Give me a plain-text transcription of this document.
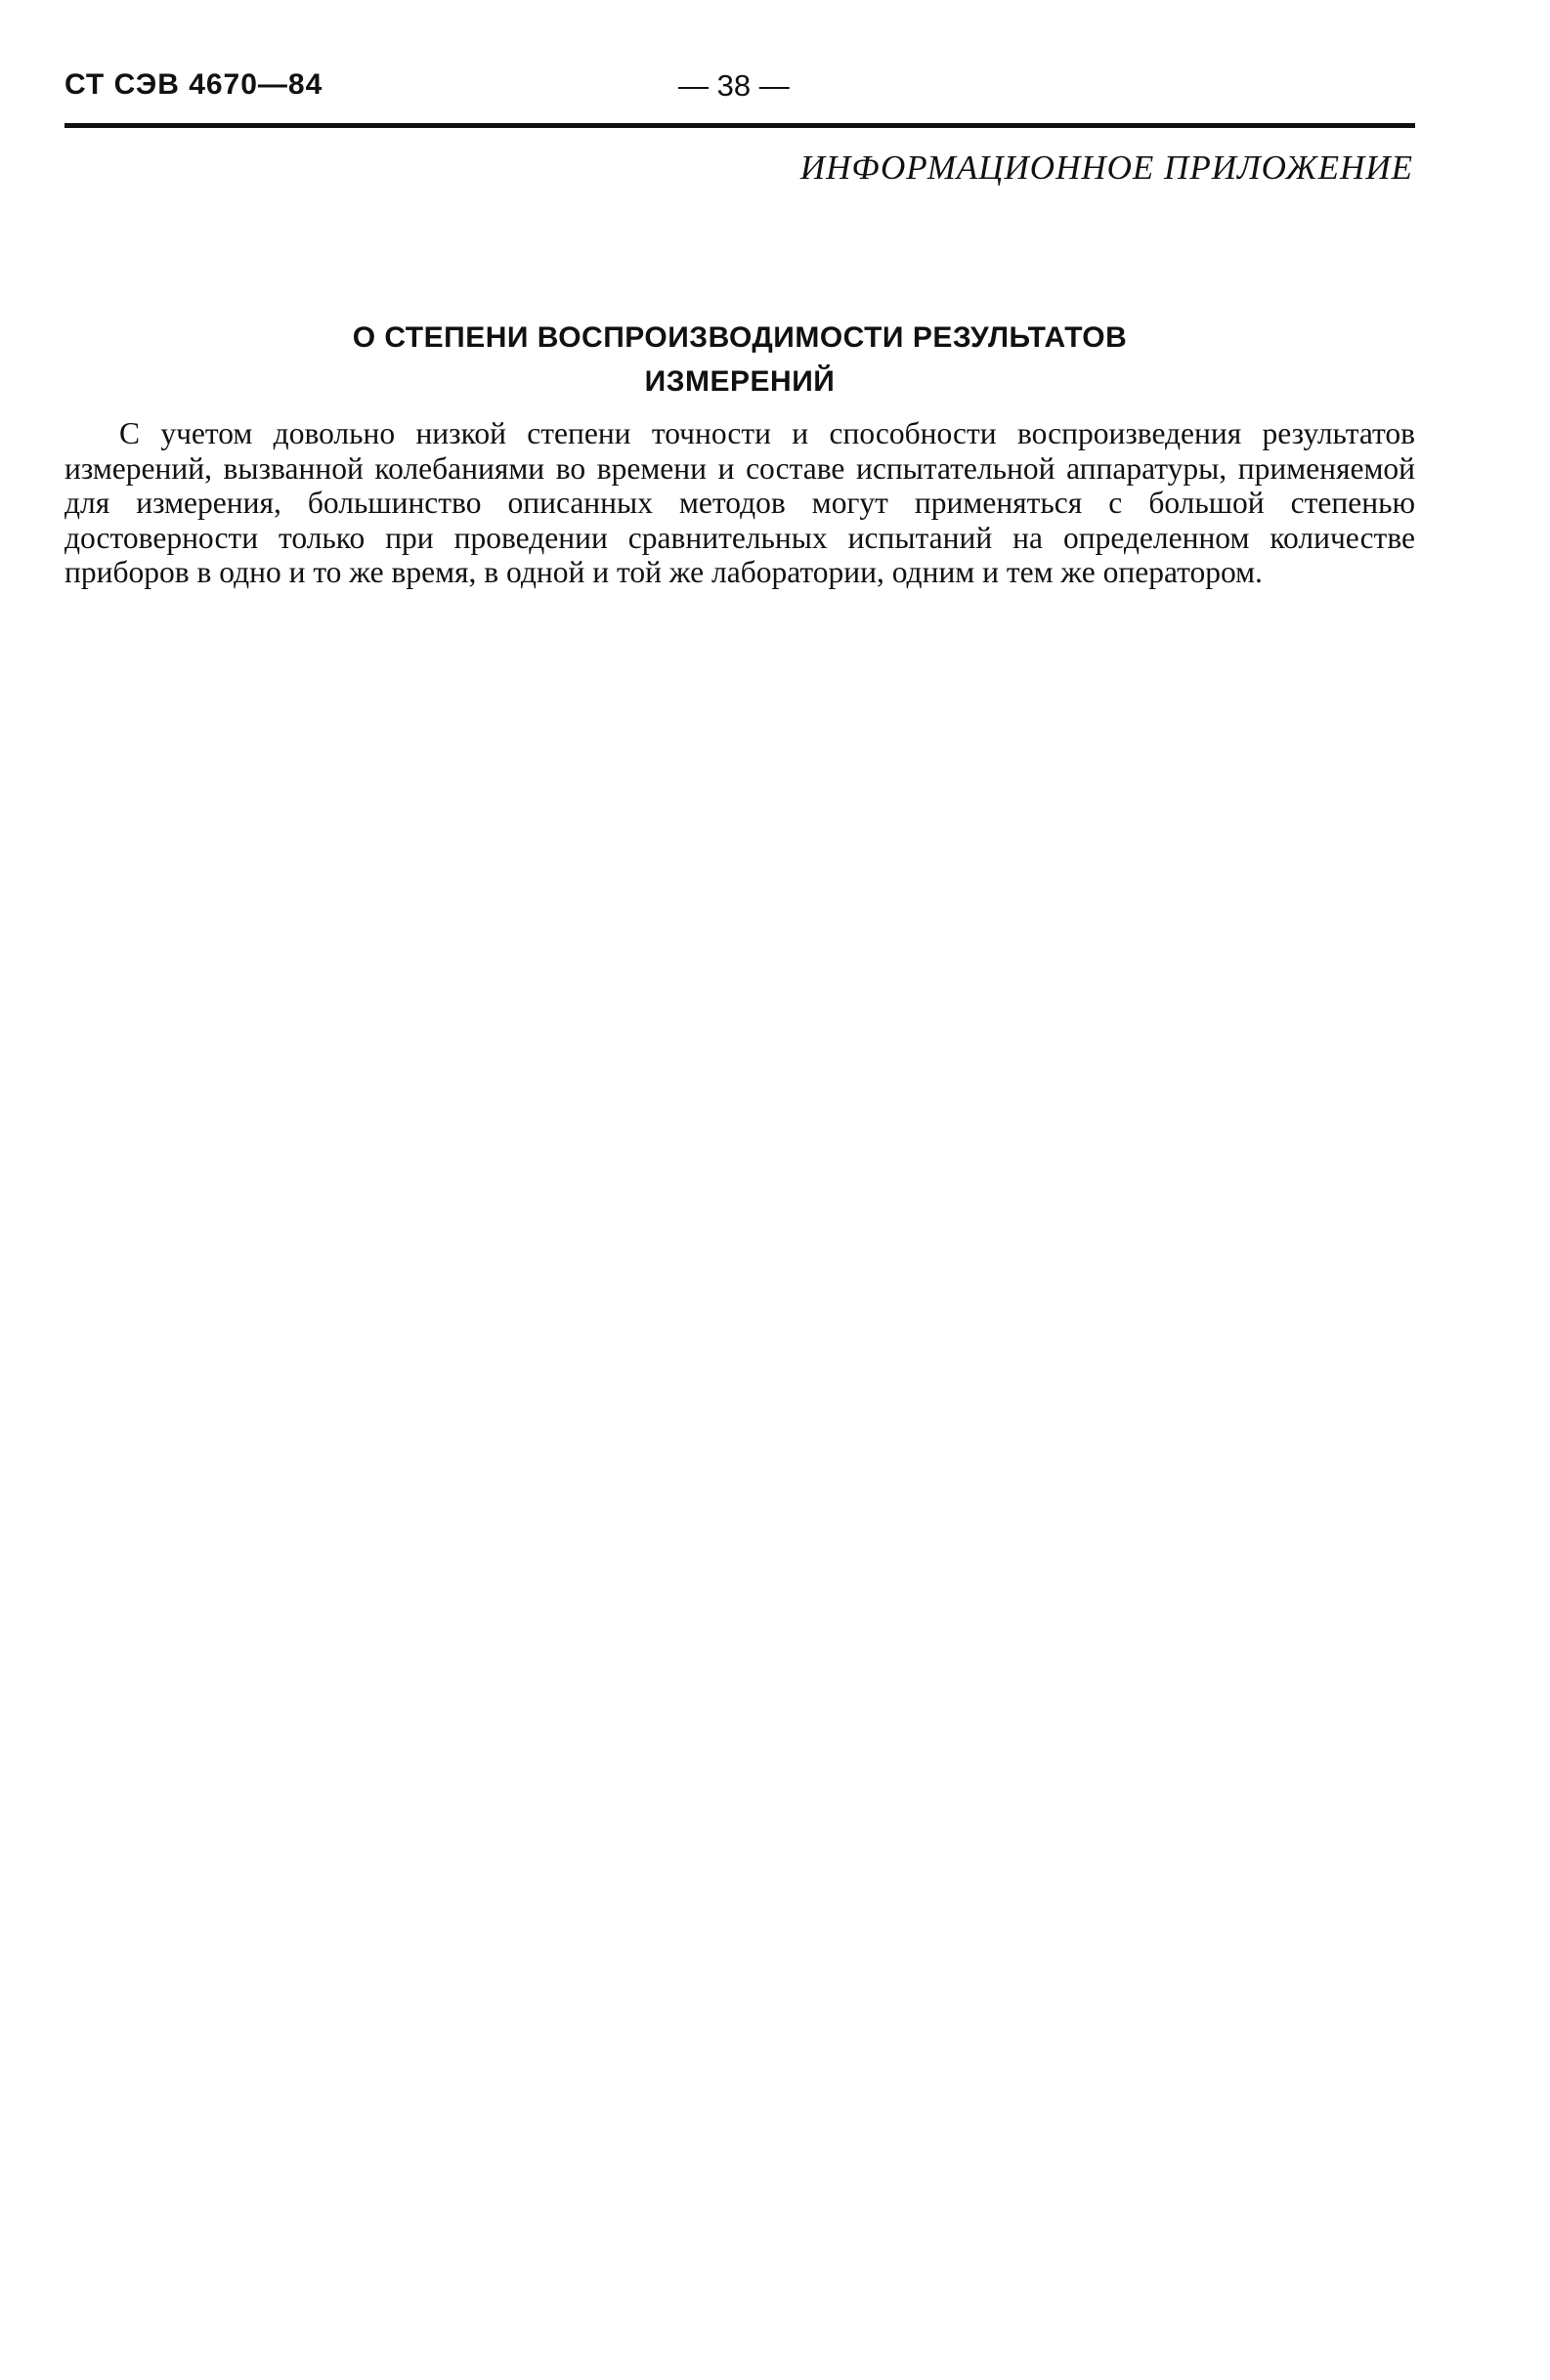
СТ СЭВ 4670—84	— 38 —
ИНФОРМАЦИОННОЕ ПРИЛОЖЕНИЕ
О СТЕПЕНИ ВОСПРОИЗВОДИМОСТИ РЕЗУЛЬТАТОВ
ИЗМЕРЕНИЙ

С учетом довольно низкой степени точности и способности воспроизведения результатов измерений, вызванной колебаниями во времени и составе испытательной аппаратуры, применяемой для измерения, большинство описанных методов могут применяться с большой степенью достоверности только при проведении сравнительных испытаний на определенном количестве приборов в одно и то же время, в одной и той же лаборатории, одним и тем же оператором.
